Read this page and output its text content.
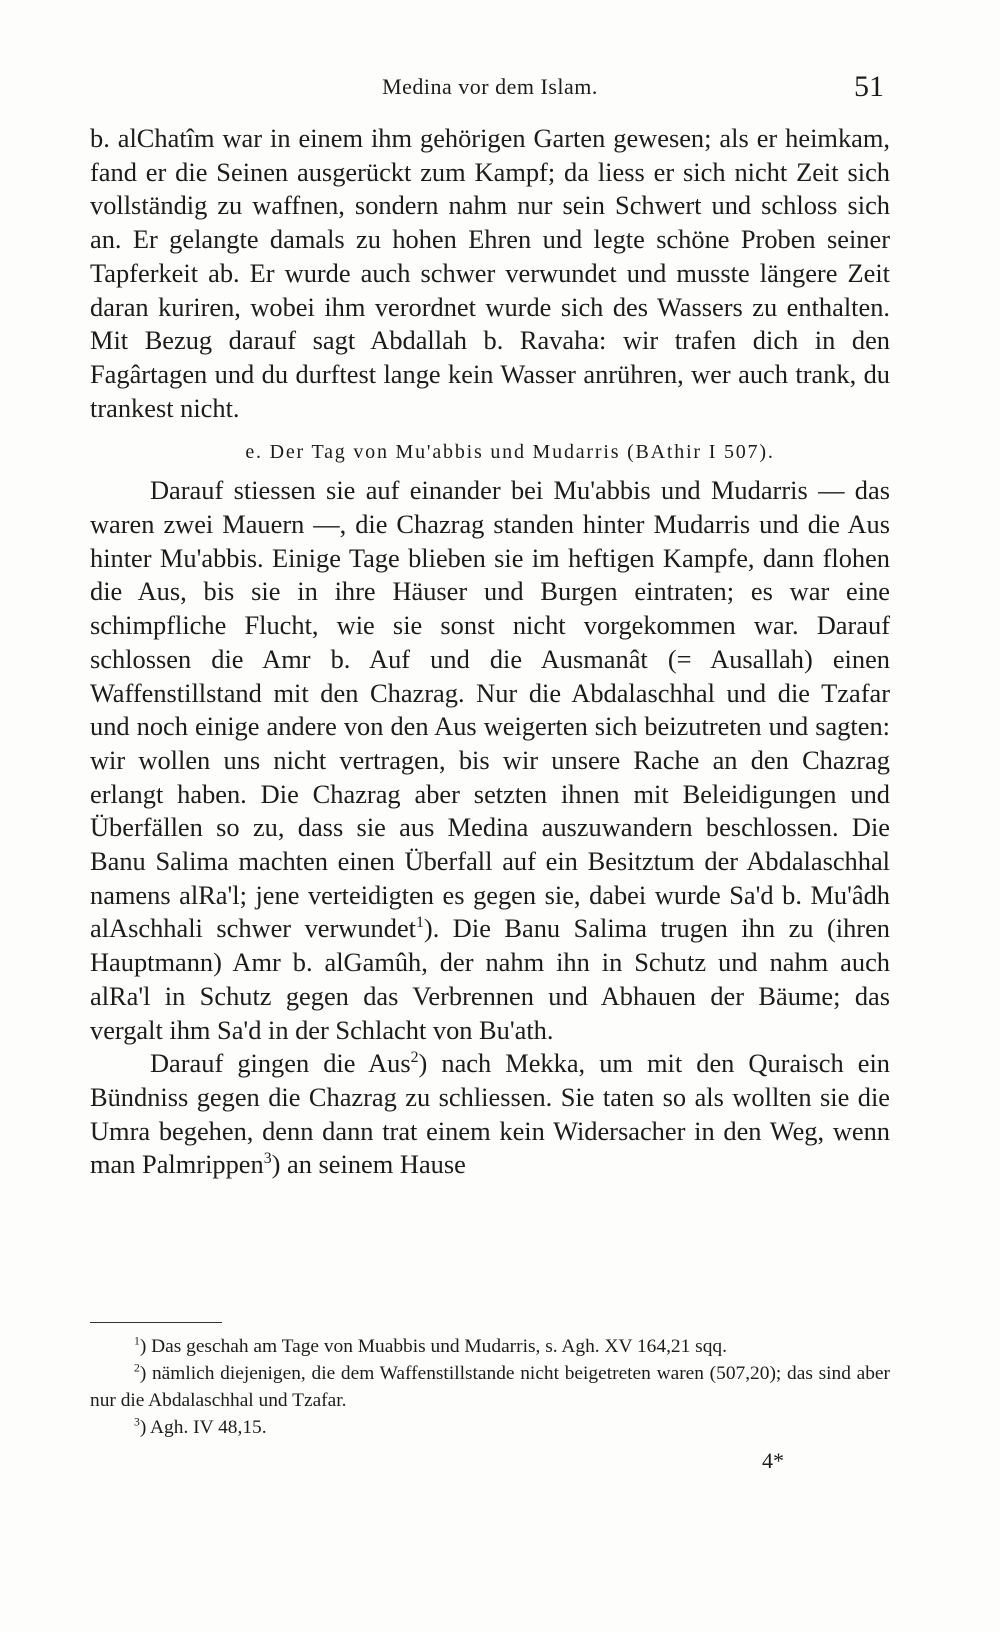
Medina vor dem Islam.	51

b. alChatîm war in einem ihm gehörigen Garten gewesen; als er heimkam, fand er die Seinen ausgerückt zum Kampf; da liess er sich nicht Zeit sich vollständig zu waffnen, sondern nahm nur sein Schwert und schloss sich an. Er gelangte damals zu hohen Ehren und legte schöne Proben seiner Tapferkeit ab. Er wurde auch schwer verwundet und musste längere Zeit daran kuriren, wobei ihm verordnet wurde sich des Wassers zu enthalten. Mit Bezug darauf sagt Abdallah b. Ravaha: wir trafen dich in den Fagârtagen und du durftest lange kein Wasser anrühren, wer auch trank, du trankest nicht.

e. Der Tag von Mu'abbis und Mudarris (BAthir I 507).

Darauf stiessen sie auf einander bei Mu'abbis und Mudarris — das waren zwei Mauern —, die Chazrag standen hinter Mudarris und die Aus hinter Mu'abbis. Einige Tage blieben sie im heftigen Kampfe, dann flohen die Aus, bis sie in ihre Häuser und Burgen eintraten; es war eine schimpfliche Flucht, wie sie sonst nicht vorgekommen war. Darauf schlossen die Amr b. Auf und die Ausmanât (= Ausallah) einen Waffenstillstand mit den Chazrag. Nur die Abdalaschhal und die Tzafar und noch einige andere von den Aus weigerten sich beizutreten und sagten: wir wollen uns nicht vertragen, bis wir unsere Rache an den Chazrag erlangt haben. Die Chazrag aber setzten ihnen mit Beleidigungen und Überfällen so zu, dass sie aus Medina auszuwandern beschlossen. Die Banu Salima machten einen Überfall auf ein Besitztum der Abdalaschhal namens alRa'l; jene verteidigten es gegen sie, dabei wurde Sa'd b. Mu'âdh alAschhali schwer verwundet$^1$). Die Banu Salima trugen ihn zu (ihren Hauptmann) Amr b. alGamûh, der nahm ihn in Schutz und nahm auch alRa'l in Schutz gegen das Verbrennen und Abhauen der Bäume; das vergalt ihm Sa'd in der Schlacht von Bu'ath.

Darauf gingen die Aus$^2$) nach Mekka, um mit den Quraisch ein Bündniss gegen die Chazrag zu schliessen. Sie taten so als wollten sie die Umra begehen, denn dann trat einem kein Widersacher in den Weg, wenn man Palmrippen$^3$) an seinem Hause

$^1$) Das geschah am Tage von Muabbis und Mudarris, s. Agh. XV 164,21 sqq.

$^2$) nämlich diejenigen, die dem Waffenstillstande nicht beigetreten waren (507,20); das sind aber nur die Abdalaschhal und Tzafar.

$^3$) Agh. IV 48,15.

4*
